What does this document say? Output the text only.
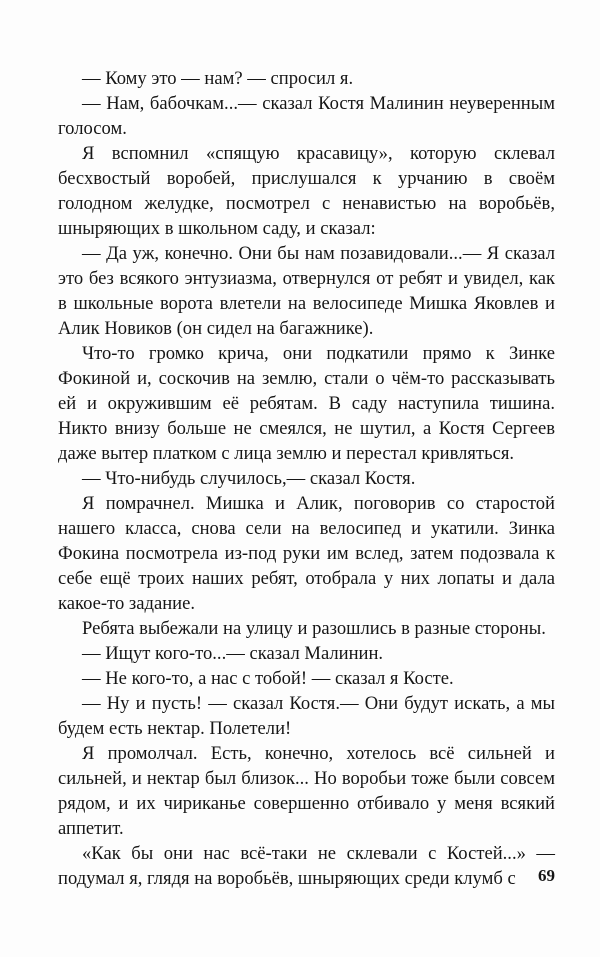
— Кому это — нам? — спросил я.

— Нам, бабочкам...— сказал Костя Малинин неуверенным голосом.

Я вспомнил «спящую красавицу», которую склевал бесхвостый воробей, прислушался к урчанию в своём голодном желудке, посмотрел с ненавистью на воробьёв, шныряющих в школьном саду, и сказал:

— Да уж, конечно. Они бы нам позавидовали...— Я сказал это без всякого энтузиазма, отвернулся от ребят и увидел, как в школьные ворота влетели на велосипеде Мишка Яковлев и Алик Новиков (он сидел на багажнике).

Что-то громко крича, они подкатили прямо к Зинке Фокиной и, соскочив на землю, стали о чём-то рассказывать ей и окружившим её ребятам. В саду наступила тишина. Никто внизу больше не смеялся, не шутил, а Костя Сергеев даже вытер платком с лица землю и перестал кривляться.

— Что-нибудь случилось,— сказал Костя.

Я помрачнел. Мишка и Алик, поговорив со старостой нашего класса, снова сели на велосипед и укатили. Зинка Фокина посмотрела из-под руки им вслед, затем подозвала к себе ещё троих наших ребят, отобрала у них лопаты и дала какое-то задание.

Ребята выбежали на улицу и разошлись в разные стороны.

— Ищут кого-то...— сказал Малинин.

— Не кого-то, а нас с тобой! — сказал я Косте.

— Ну и пусть! — сказал Костя.— Они будут искать, а мы будем есть нектар. Полетели!

Я промолчал. Есть, конечно, хотелось всё сильней и сильней, и нектар был близок... Но воробьи тоже были совсем рядом, и их чириканье совершенно отбивало у меня всякий аппетит.

«Как бы они нас всё-таки не склевали с Костей...» — подумал я, глядя на воробьёв, шныряющих среди клумб с	69
